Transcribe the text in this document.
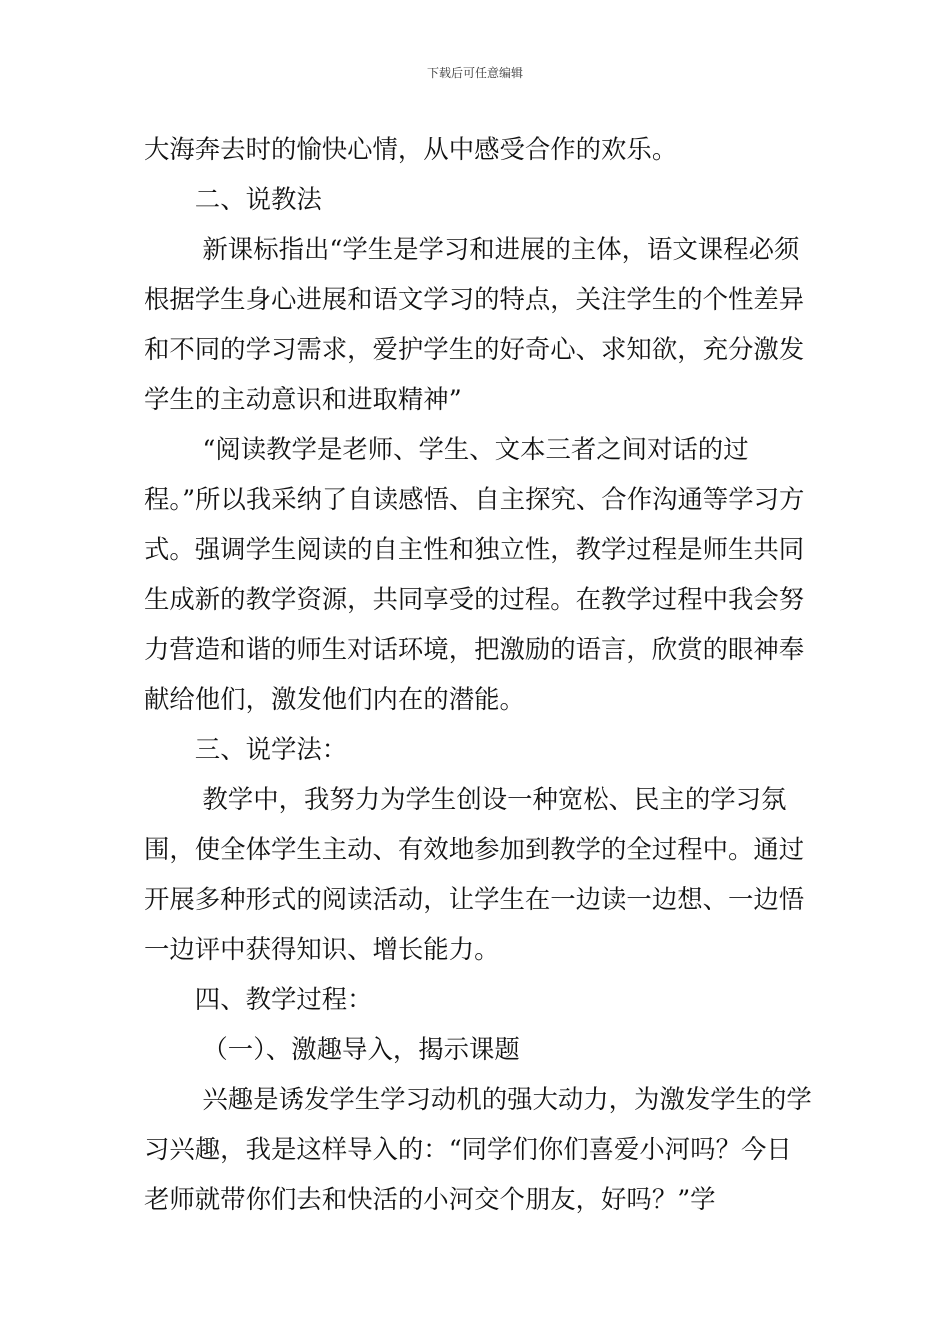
下载后可任意编辑

大海奔去时的愉快心情，从中感受合作的欢乐。

二、说教法

新课标指出“学生是学习和进展的主体，语文课程必须根据学生身心进展和语文学习的特点，关注学生的个性差异和不同的学习需求，爱护学生的好奇心、求知欲，充分激发学生的主动意识和进取精神”

“阅读教学是老师、学生、文本三者之间对话的过程。”所以我采纳了自读感悟、自主探究、合作沟通等学习方式。强调学生阅读的自主性和独立性，教学过程是师生共同生成新的教学资源，共同享受的过程。在教学过程中我会努力营造和谐的师生对话环境，把激励的语言，欣赏的眼神奉献给他们，激发他们内在的潜能。

三、说学法：

教学中，我努力为学生创设一种宽松、民主的学习氛围，使全体学生主动、有效地参加到教学的全过程中。通过开展多种形式的阅读活动，让学生在一边读一边想、一边悟一边评中获得知识、增长能力。

四、教学过程：

（一）、激趣导入，揭示课题

兴趣是诱发学生学习动机的强大动力，为激发学生的学习兴趣，我是这样导入的：“同学们你们喜爱小河吗？今日老师就带你们去和快活的小河交个朋友，好吗？”学
